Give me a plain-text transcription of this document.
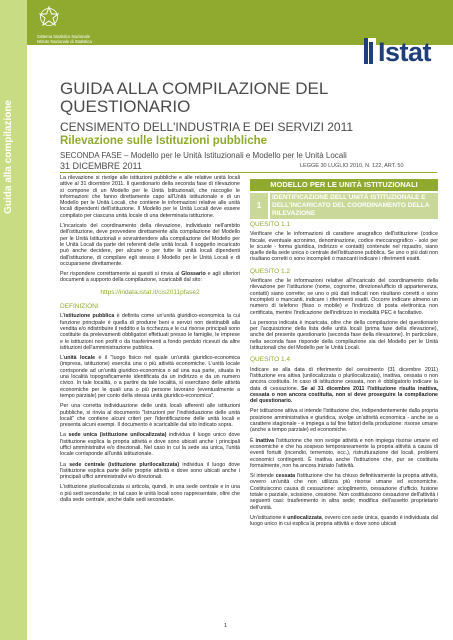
Guida alla compilazione
Sistema Statistico Nazionale
Istituto Nazionale di Statistica	Istat
GUIDA ALLA COMPILAZIONE DEL QUESTIONARIO
CENSIMENTO DELL'INDUSTRIA E DEI SERVIZI 2011
Rilevazione sulle Istituzioni pubbliche
SECONDA FASE – Modello per le Unità Istituzionali e Modello per le Unità Locali
31 DICEMBRE 2011	LEGGE 30 LUGLIO 2010, N. 122, ART. 50

La rilevazione si rivolge alle istituzioni pubbliche e alle relative unità locali attive al 31 dicembre 2011. Il questionario della seconda fase di rilevazione si compone di un Modello per le Unità Istituzionali, che raccoglie le informazioni che fanno direttamente capo all'Unità istituzionale e di un Modello per le Unità Locali, che contiene le informazioni relative alle unità locali dipendenti dell'istituzione. Il Modello per le Unità Locali deve essere compilato per ciascuna unità locale di una determinata istituzione.

L'incaricato del coordinamento della rilevazione, individuato nell'ambito dell'istituzione, deve provvedere direttamente alla compilazione del Modello per le Unità Istituzionali e sovraintendere alla compilazione del Modello per le Unità Locali da parte dei referenti delle unità locali. Il soggetto incaricato può anche decidere, per alcune o per tutte le unità locali dipendenti dall'istituzione, di compilare egli stesso il Modello per le Unità Locali e di occuparsene direttamente.

Per rispondere correttamente ai quesiti si rinvia al Glossario e agli ulteriori documenti a supporto della compilazione, scaricabili dal sito:

https://indata.istat.it/cis2011pfase2
DEFINIZIONI

L'istituzione pubblica è definita come un'unità giuridico-economica la cui funzione principale è quella di produrre beni e servizi non destinabili alla vendita e/o ridistribuire il reddito e la ricchezza e le cui risorse principali sono costituite da prelevamenti obbligatori effettuati presso le famiglie, le imprese e le istituzioni non profit o da trasferimenti a fondo perduto ricevuti da altre istituzioni dell'amministrazione pubblica.

L'unità locale è il "luogo fisico nel quale un'unità giuridico-economica (impresa, istituzione) esercita una o più attività economiche. L'unità locale corrisponde ad un'unità giuridico-economica o ad una sua parte, situata in una località topograficamente identificata da un indirizzo e da un numero civico. In tale località, o a partire da tale località, si esercitano delle attività economiche per le quali una o più persone lavorano (eventualmente a tempo parziale) per conto della stessa unità giuridico-economica".

Per una corretta individuazione delle unità locali afferenti alle istituzioni pubbliche, si rinvia al documento "Istruzioni per l'individuazione delle unità locali" che contiene alcuni criteri per l'identificazione delle unità locali e presenta alcuni esempi. Il documento è scaricabile dal sito indicato sopra.

La sede unica (istituzione unilocalizzata) individua il luogo unico dove l'istituzione esplica la propria attività e dove sono ubicati anche i principali uffici amministrativi e/o direzionali. Nel caso in cui la sede sia unica, l'unità locale corrisponde all'unità istituzionale.

La sede centrale (istituzione plurilocalizzata) individua il luogo dove l'istituzione esplica parte delle proprie attività e dove sono ubicati anche i principali uffici amministrativi e/o direzionali.

L'istituzione plurilocalizzata si articola, quindi, in una sede centrale e in una o più sedi secondarie; in tal caso le unità locali sono rappresentate, oltre che dalla sede centrale, anche dalle sedi secondarie.

MODELLO PER LE UNITÀ ISTITUZIONALI
1
IDENTIFICAZIONE DELL'UNITÀ ISTITUZIONALE E DELL'INCARICATO DEL COORDINAMENTO DELLA RILEVAZIONE
QUESITO 1.1

Verificare che le informazioni di carattere anagrafico dell'istituzione (codice fiscale, eventuale acronimo, denominazione, codice meccanografico - solo per le scuole - forma giuridica, indirizzo e contatti) contenute nel riquadro, siano quelle della sede unica o centrale dell'istituzione pubblica. Se uno o più dati non risultano corretti o sono incompleti o mancanti indicare i riferimenti esatti.

QUESITO 1.2

Verificare che le informazioni relative all'incaricato del coordinamento della rilevazione per l'istituzione (nome, cognome, direzione/ufficio di appartenenza, contatti) siano corrette; se uno o più dati indicati non risultano corretti o sono incompleti o mancanti, indicare i riferimenti esatti. Occorre indicare almeno un numero di telefono (fisso o mobile) e l'indirizzo di posta elettronica non certificata, mentre l'indicazione dell'indirizzo in modalità PEC è facoltativo.

La persona indicata è incaricata, oltre che della compilazione del questionario per l'acquisizione della lista delle unità locali (prima fase della rilevazione), anche del presente questionario (seconda fase della rilevazione). In particolare, nella seconda fase risponde della compilazione sia del Modello per le Unità Istituzionali che del Modello per le Unità Locali.

QUESITO 1.4

Indicare se alla data di riferimento del censimento (31 dicembre 2011) l'istituzione era attiva (unilocalizzata o plurilocalizzata), inattiva, cessata o non ancora costituita. In caso di istituzione cessata, non è obbligatorio indicare la data di cessazione. Se al 31 dicembre 2011 l'istituzione risulta inattiva, cessata o non ancora costituita, non si deve proseguire la compilazione del questionario.

Per istituzione attiva si intende l'istituzione che, indipendentemente dalla propria posizione amministrativa e giuridica, svolge un'attività economica - anche se a carattere stagionale - e impiega a tal fine fattori della produzione: risorse umane (anche a tempo parziale) ed economiche.

È inattiva l'istituzione che non svolge attività e non impiega risorse umane ed economiche e che ha sospeso temporaneamente la propria attività a causa di eventi fortuiti (incendio, terremoto, ecc.), ristrutturazione dei locali, problemi economici contingenti. È inattiva anche l'istituzione che, pur se costituita formalmente, non ha ancora iniziato l'attività.

Si intende cessata l'istituzione che ha chiuso definitivamente la propria attività, ovvero un'unità che non utilizza più risorse umane ed economiche. Costituiscono causa di cessazione: scioglimento, cessazione d'ufficio, fusione totale o parziale, scissione, cessione. Non costituiscono cessazione dell'attività i seguenti casi: trasferimento in altra sede; modifica dell'assetto proprietario dell'unità.

Un'istituzione è unilocalizzata, ovvero con sede unica, quando è individuata dal luogo unico in cui esplica la propria attività e dove sono ubicati

1
